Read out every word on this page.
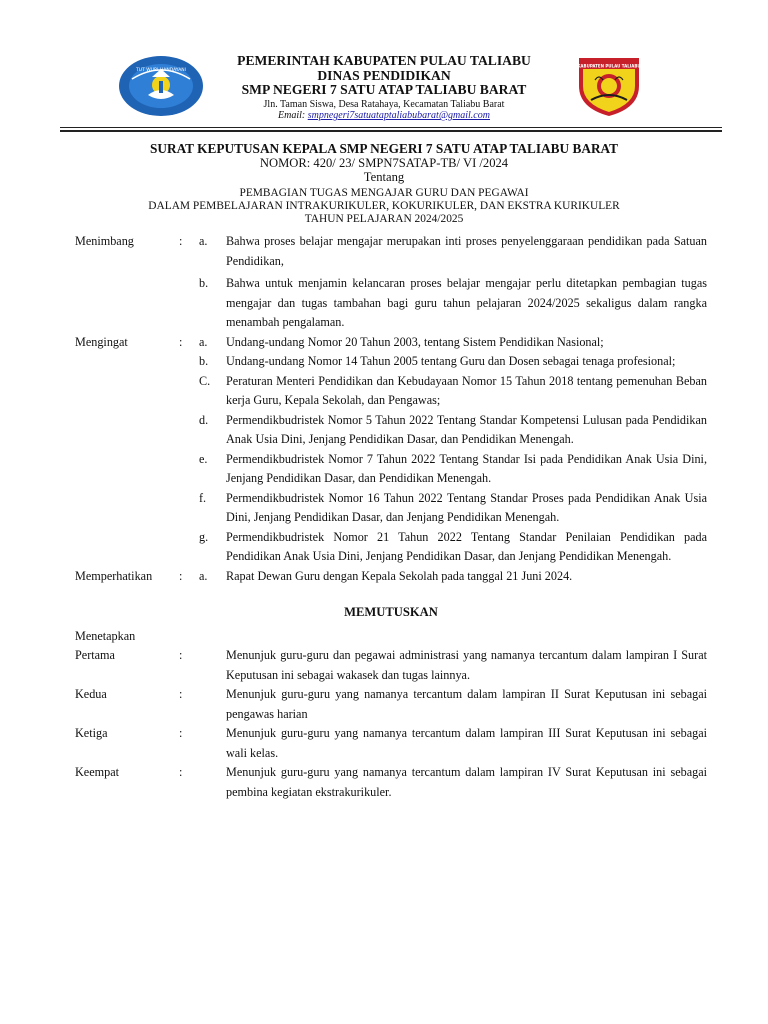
TUT WURI HANDAYANI
KABUPATEN PULAU TALIABU
PEMERINTAH KABUPATEN PULAU TALIABU
DINAS PENDIDIKAN
SMP NEGERI 7 SATU ATAP TALIABU BARAT
Jln. Taman Siswa, Desa Ratahaya, Kecamatan Taliabu Barat
Email: smpnegeri7satuataptaliabubarat@gmail.com
SURAT KEPUTUSAN KEPALA SMP NEGERI 7 SATU ATAP TALIABU BARAT
NOMOR: 420/ 23/ SMPN7SATAP-TB/ VI /2024
Tentang
PEMBAGIAN TUGAS MENGAJAR GURU DAN PEGAWAI
DALAM PEMBELAJARAN INTRAKURIKULER, KOKURIKULER, DAN EKSTRA KURIKULER
TAHUN PELAJARAN 2024/2025
Menimbang	:	a.	Bahwa proses belajar mengajar merupakan inti proses penyelenggaraan pendidikan pada Satuan Pendidikan,
b.	Bahwa untuk menjamin kelancaran proses belajar mengajar perlu ditetapkan pembagian tugas mengajar dan tugas tambahan bagi guru tahun pelajaran 2024/2025 sekaligus dalam rangka menambah pengalaman.
Mengingat	:	a.	Undang-undang Nomor 20 Tahun 2003, tentang Sistem Pendidikan Nasional;
b.	Undang-undang Nomor 14 Tahun 2005 tentang Guru dan Dosen sebagai tenaga profesional;
C.	Peraturan Menteri Pendidikan dan Kebudayaan Nomor 15 Tahun 2018 tentang pemenuhan Beban kerja Guru, Kepala Sekolah, dan Pengawas;
d.	Permendikbudristek Nomor 5 Tahun 2022 Tentang Standar Kompetensi Lulusan pada Pendidikan Anak Usia Dini, Jenjang Pendidikan Dasar, dan Pendidikan Menengah.
e.	Permendikbudristek Nomor 7 Tahun 2022 Tentang Standar Isi pada Pendidikan Anak Usia Dini, Jenjang Pendidikan Dasar, dan Pendidikan Menengah.
f.	Permendikbudristek Nomor 16 Tahun 2022 Tentang Standar Proses pada Pendidikan Anak Usia Dini, Jenjang Pendidikan Dasar, dan Jenjang Pendidikan Menengah.
g.	Permendikbudristek Nomor 21 Tahun 2022 Tentang Standar Penilaian Pendidikan pada Pendidikan Anak Usia Dini, Jenjang Pendidikan Dasar, dan Jenjang Pendidikan Menengah.
Memperhatikan	:	a.	Rapat Dewan Guru dengan Kepala Sekolah pada tanggal 21 Juni 2024.
MEMUTUSKAN
Menetapkan
Pertama	:	Menunjuk guru-guru dan pegawai administrasi yang namanya tercantum dalam lampiran I Surat Keputusan ini sebagai wakasek dan tugas lainnya.
Kedua	:	Menunjuk guru-guru yang namanya tercantum dalam lampiran II Surat Keputusan ini sebagai pengawas harian
Ketiga	:	Menunjuk guru-guru yang namanya tercantum dalam lampiran III Surat Keputusan ini sebagai wali kelas.
Keempat	:	Menunjuk guru-guru yang namanya tercantum dalam lampiran IV Surat Keputusan ini sebagai pembina kegiatan ekstrakurikuler.
